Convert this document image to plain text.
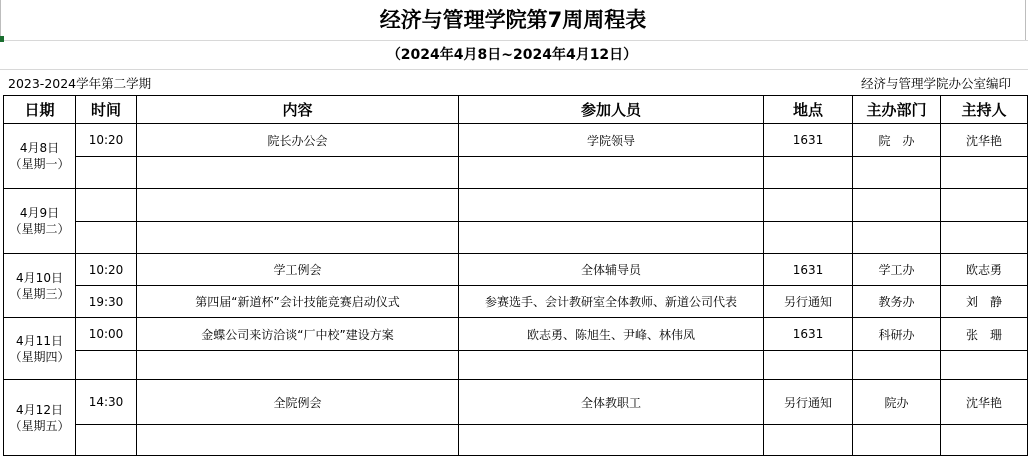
经济与管理学院第7周周程表
（2024年4月8日~2024年4月12日）
2023-2024学年第二学期	经济与管理学院办公室编印
日期	时间	内容	参加人员	地点	主办部门	主持人

4月8日
（星期一）	10:20	院长办公会	学院领导	1631	院　办	沈华艳

4月9日
（星期二）						

4月10日
（星期三）	10:20	学工例会	全体辅导员	1631	学工办	欧志勇
	19:30	第四届“新道杯”会计技能竞赛启动仪式	参赛选手、会计教研室全体教师、新道公司代表	另行通知	教务办	刘　静

4月11日
（星期四）	10:00	金蝶公司来访洽谈“厂中校”建设方案	欧志勇、陈旭生、尹峰、林伟凤	1631	科研办	张　珊

4月12日
（星期五）	14:30	全院例会	全体教职工	另行通知	院办	沈华艳
